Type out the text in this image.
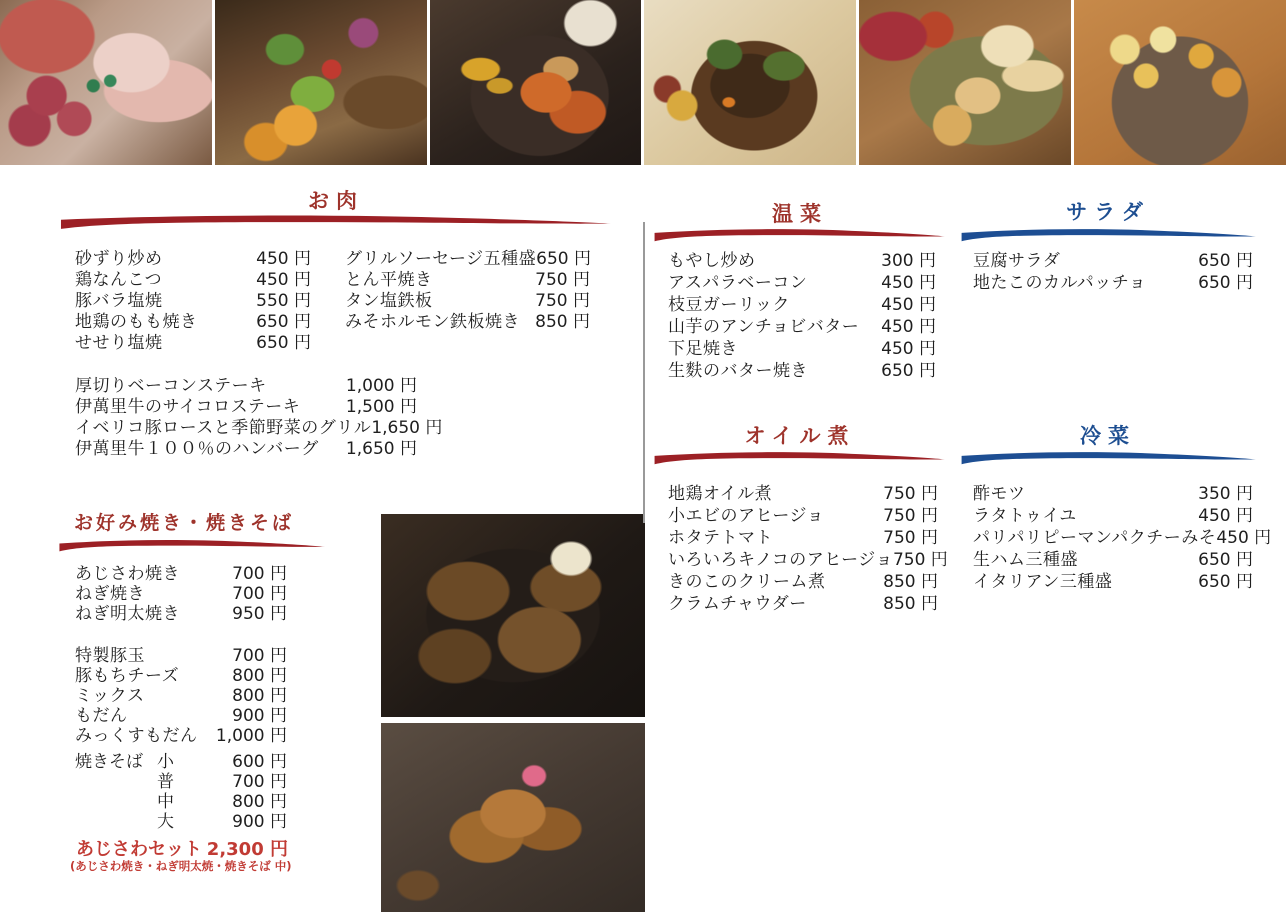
お肉
砂ずり炒め	450 円
鶏なんこつ	450 円
豚バラ塩焼	550 円
地鶏のもも焼き	650 円
せせり塩焼	650 円
グリルソーセージ五種盛 650 円
とん平焼き	750 円
タン塩鉄板	750 円
みそホルモン鉄板焼き 850 円
厚切りベーコンステーキ	1,000 円
伊萬里牛のサイコロステーキ	1,500 円
イベリコ豚ロースと季節野菜のグリル 1,650 円
伊萬里牛１００％のハンバーグ 1,650 円
お好み焼き・焼きそば
あじさわ焼き	700 円
ねぎ焼き	700 円
ねぎ明太焼き	950 円
特製豚玉	700 円
豚もちチーズ	800 円
ミックス	800 円
もだん	900 円
みっくすもだん 1,000 円
焼きそば 小	600 円
普	700 円
中	800 円
大	900 円
あじさわセット 2,300 円
(あじさわ焼き・ねぎ明太焼・焼きそば 中)
温菜
もやし炒め	300 円
アスパラベーコン	450 円
枝豆ガーリック	450 円
山芋のアンチョビバター 450 円
下足焼き	450 円
生麩のバター焼き	650 円
オイル煮
地鶏オイル煮	750 円
小エビのアヒージョ	750 円
ホタテトマト	750 円
いろいろキノコのアヒージョ 750 円
きのこのクリーム煮	850 円
クラムチャウダー	850 円
サラダ
豆腐サラダ	650 円
地たこのカルパッチョ	650 円
冷菜
酢モツ	350 円
ラタトゥイユ	450 円
パリパリピーマンパクチーみそ 450 円
生ハム三種盛	650 円
イタリアン三種盛	650 円
